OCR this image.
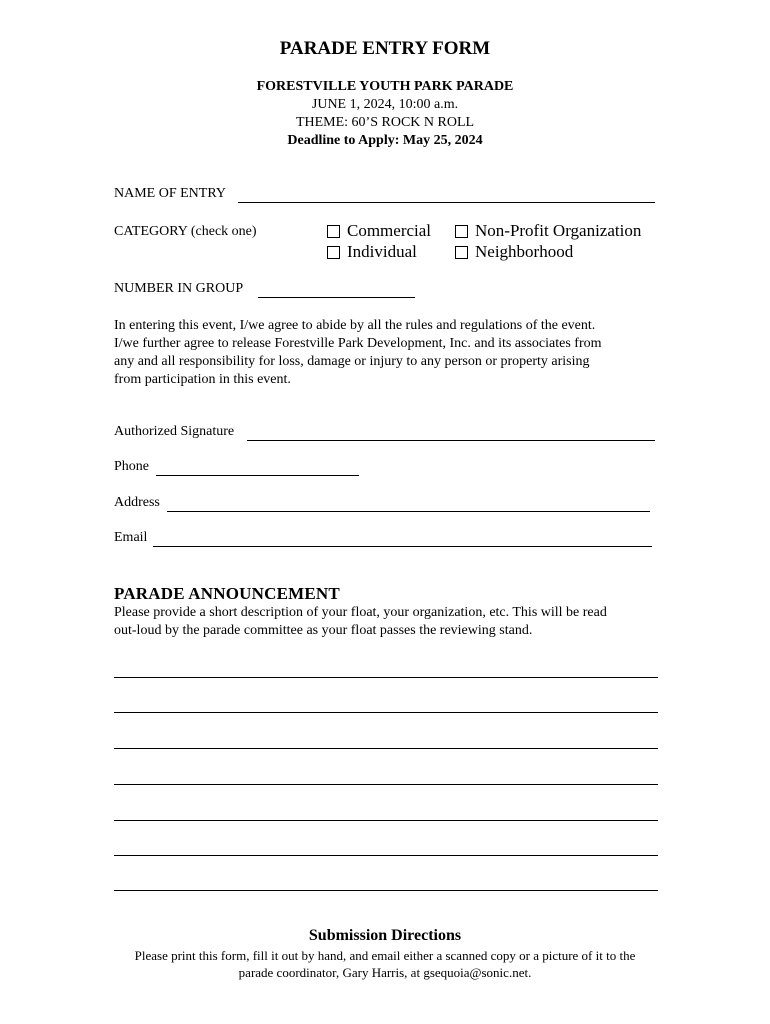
PARADE ENTRY FORM
FORESTVILLE YOUTH PARK PARADE
JUNE 1, 2024, 10:00 a.m.
THEME: 60’S ROCK N ROLL
Deadline to Apply: May 25, 2024
NAME OF ENTRY
CATEGORY (check one)	Commercial	Non-Profit Organization
Individual	Neighborhood
NUMBER IN GROUP
In entering this event, I/we agree to abide by all the rules and regulations of the event.
I/we further agree to release Forestville Park Development, Inc. and its associates from
any and all responsibility for loss, damage or injury to any person or property arising
from participation in this event.
Authorized Signature
Phone
Address
Email
PARADE ANNOUNCEMENT
Please provide a short description of your float, your organization, etc. This will be read
out-loud by the parade committee as your float passes the reviewing stand.
Submission Directions
Please print this form, fill it out by hand, and email either a scanned copy or a picture of it to the
parade coordinator, Gary Harris, at gsequoia@sonic.net.
